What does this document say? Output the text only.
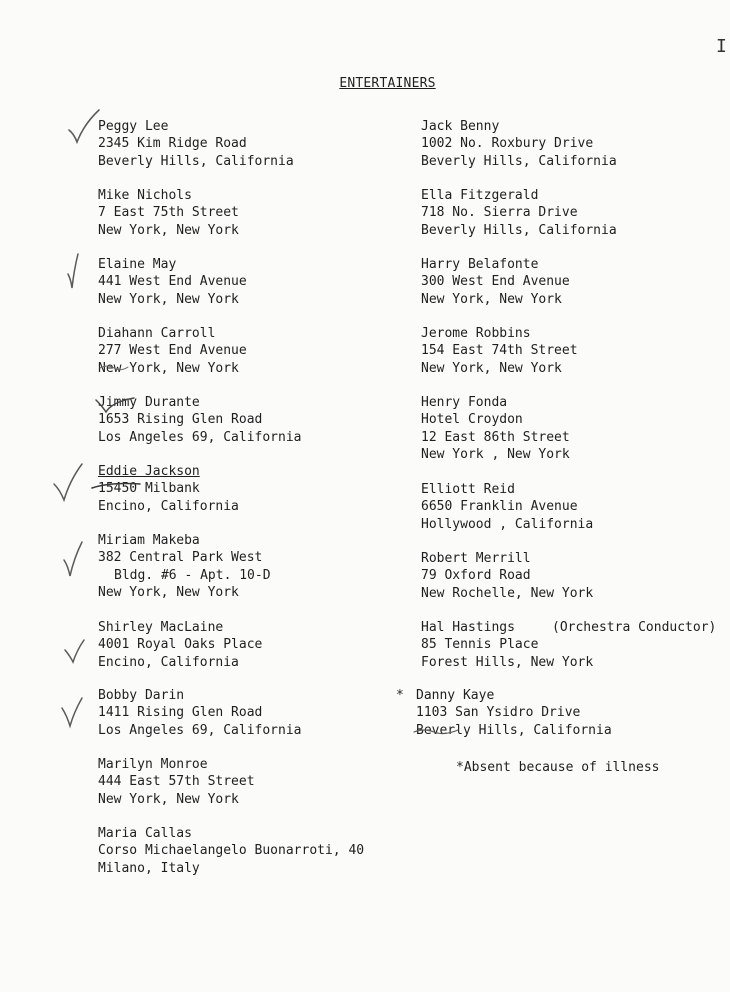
I
ENTERTAINERS
Peggy Lee
2345 Kim Ridge Road
Beverly Hills, California
Mike Nichols
7 East 75th Street
New York, New York
Elaine May
441 West End Avenue
New York, New York
Diahann Carroll
277 West End Avenue
New York, New York
Jimmy Durante
1653 Rising Glen Road
Los Angeles 69, California
Eddie Jackson
15450 Milbank
Encino, California
Miriam Makeba
382 Central Park West
Bldg. #6 - Apt. 10-D
New York, New York
Shirley MacLaine
4001 Royal Oaks Place
Encino, California
Bobby Darin
1411 Rising Glen Road
Los Angeles 69, California
Marilyn Monroe
444 East 57th Street
New York, New York
Maria Callas
Corso Michaelangelo Buonarroti, 40
Milano, Italy
Jack Benny
1002 No. Roxbury Drive
Beverly Hills, California
Ella Fitzgerald
718 No. Sierra Drive
Beverly Hills, California
Harry Belafonte
300 West End Avenue
New York, New York
Jerome Robbins
154 East 74th Street
New York, New York
Henry Fonda
Hotel Croydon
12 East 86th Street
New York , New York
Elliott Reid
6650 Franklin Avenue
Hollywood , California
Robert Merrill
79 Oxford Road
New Rochelle, New York
Hal Hastings
85 Tennis Place
Forest Hills, New York
(Orchestra Conductor)
* Danny Kaye
1103 San Ysidro Drive
Beverly Hills, California
*Absent because of illness
